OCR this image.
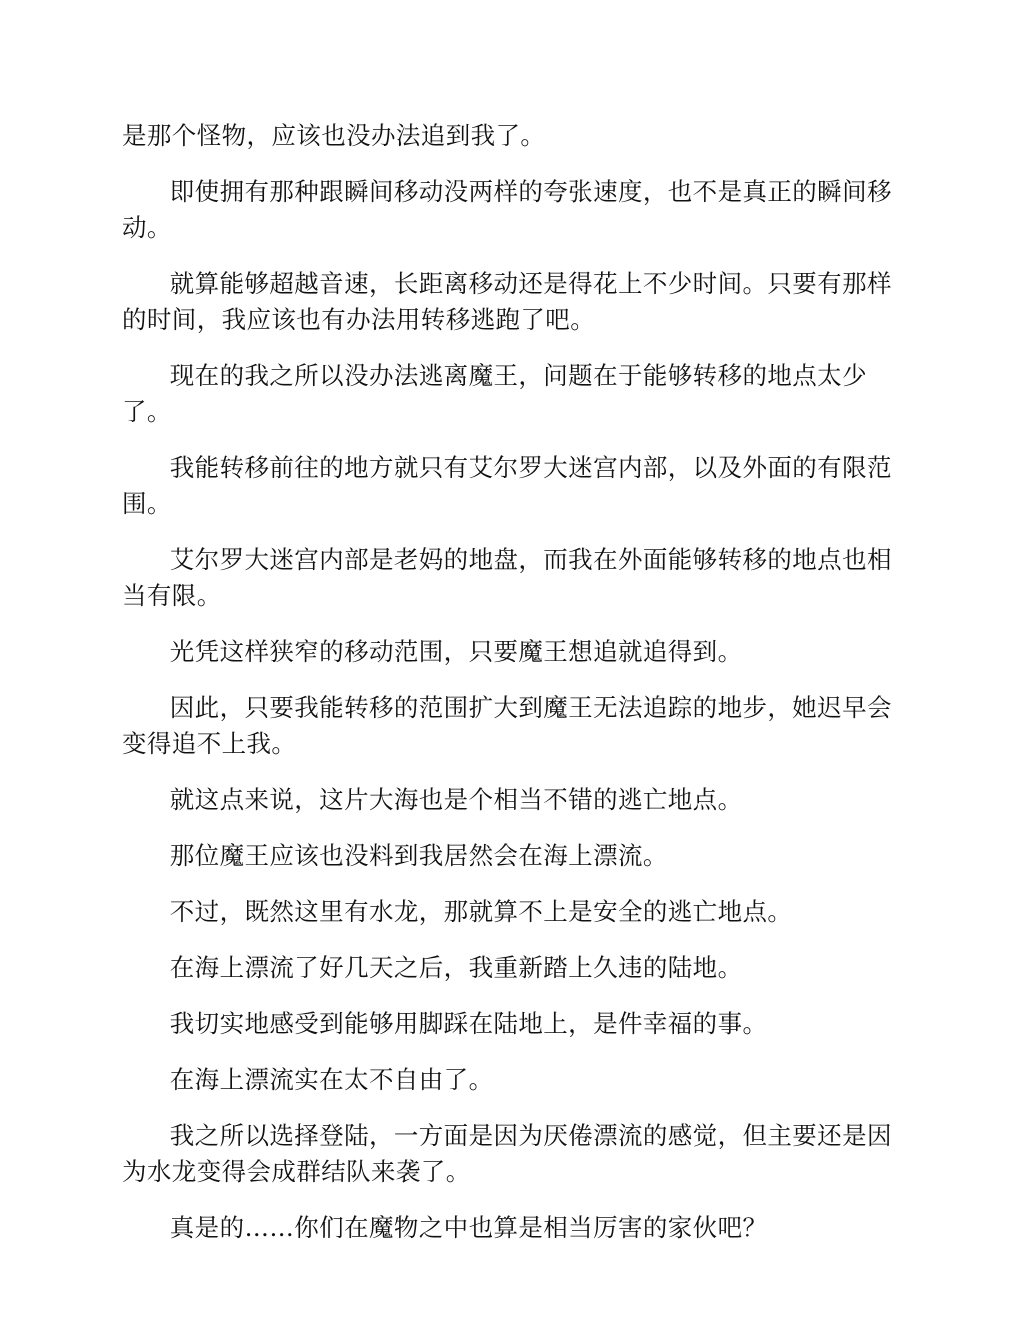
是那个怪物，应该也没办法追到我了。

即使拥有那种跟瞬间移动没两样的夸张速度，也不是真正的瞬间移动。

就算能够超越音速，长距离移动还是得花上不少时间。只要有那样的时间，我应该也有办法用转移逃跑了吧。

现在的我之所以没办法逃离魔王，问题在于能够转移的地点太少了。

我能转移前往的地方就只有艾尔罗大迷宫内部，以及外面的有限范围。

艾尔罗大迷宫内部是老妈的地盘，而我在外面能够转移的地点也相当有限。

光凭这样狭窄的移动范围，只要魔王想追就追得到。

因此，只要我能转移的范围扩大到魔王无法追踪的地步，她迟早会变得追不上我。

就这点来说，这片大海也是个相当不错的逃亡地点。

那位魔王应该也没料到我居然会在海上漂流。

不过，既然这里有水龙，那就算不上是安全的逃亡地点。

在海上漂流了好几天之后，我重新踏上久违的陆地。

我切实地感受到能够用脚踩在陆地上，是件幸福的事。

在海上漂流实在太不自由了。

我之所以选择登陆，一方面是因为厌倦漂流的感觉，但主要还是因为水龙变得会成群结队来袭了。

真是的……你们在魔物之中也算是相当厉害的家伙吧？
